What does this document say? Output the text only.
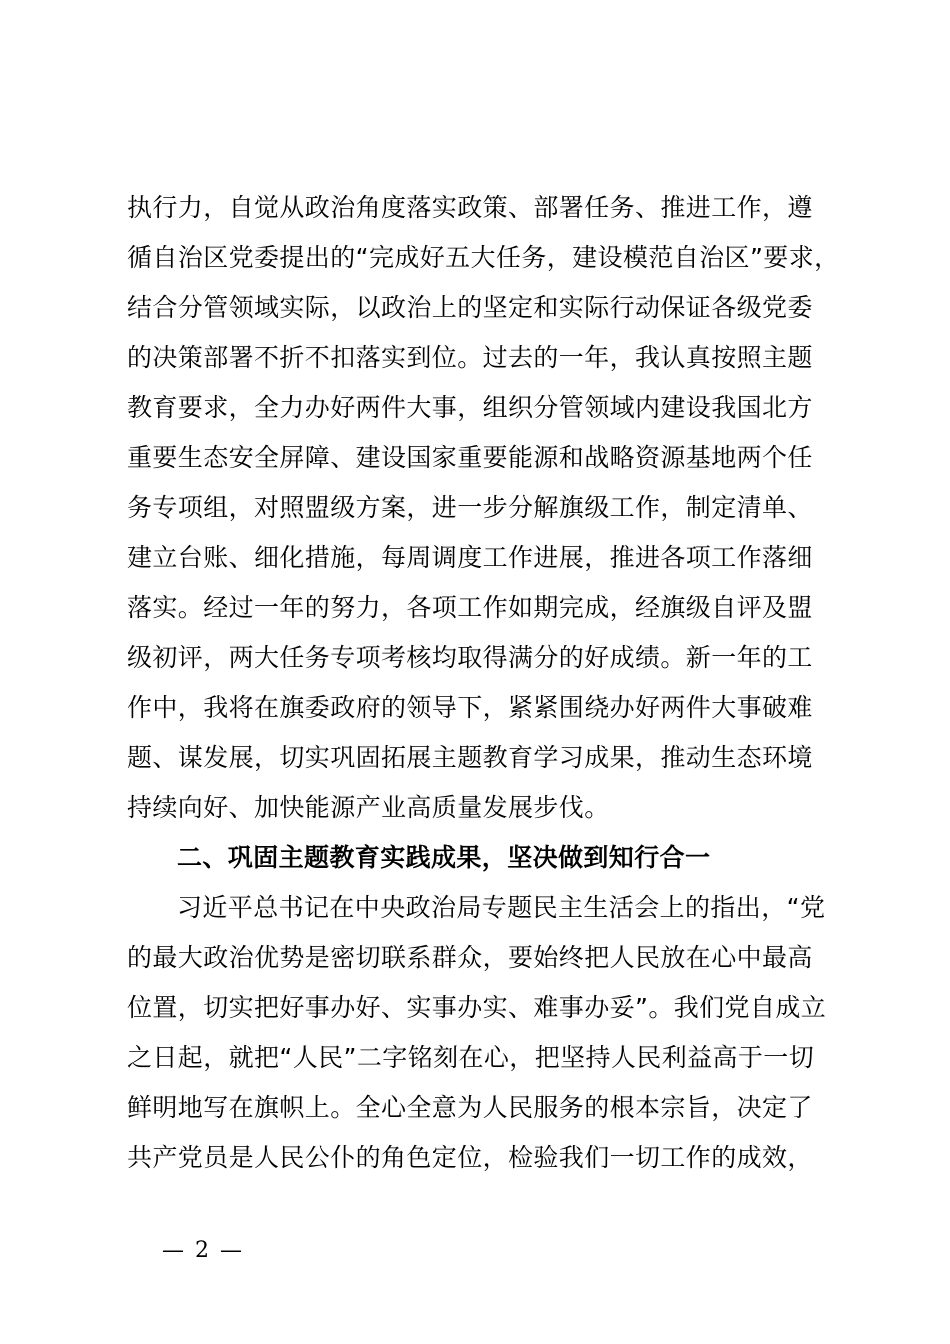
执行力，自觉从政治角度落实政策、部署任务、推进工作，遵
循自治区党委提出的“完成好五大任务，建设模范自治区”要求，
结合分管领域实际，以政治上的坚定和实际行动保证各级党委
的决策部署不折不扣落实到位。过去的一年，我认真按照主题
教育要求，全力办好两件大事，组织分管领域内建设我国北方
重要生态安全屏障、建设国家重要能源和战略资源基地两个任
务专项组，对照盟级方案，进一步分解旗级工作，制定清单、
建立台账、细化措施，每周调度工作进展，推进各项工作落细
落实。经过一年的努力，各项工作如期完成，经旗级自评及盟
级初评，两大任务专项考核均取得满分的好成绩。新一年的工
作中，我将在旗委政府的领导下，紧紧围绕办好两件大事破难
题、谋发展，切实巩固拓展主题教育学习成果，推动生态环境
持续向好、加快能源产业高质量发展步伐。
二、巩固主题教育实践成果，坚决做到知行合一
习近平总书记在中央政治局专题民主生活会上的指出，“党
的最大政治优势是密切联系群众，要始终把人民放在心中最高
位置，切实把好事办好、实事办实、难事办妥”。我们党自成立
之日起，就把“人民”二字铭刻在心，把坚持人民利益高于一切
鲜明地写在旗帜上。全心全意为人民服务的根本宗旨，决定了
共产党员是人民公仆的角色定位，检验我们一切工作的成效，
— 2 —
